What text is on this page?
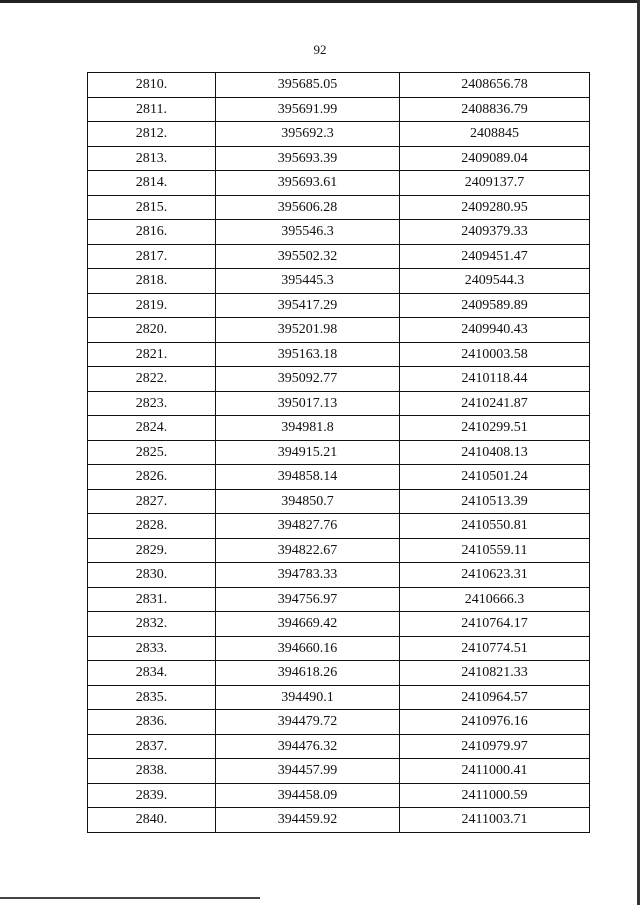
92
2810.	395685.05	2408656.78
2811.	395691.99	2408836.79
2812.	395692.3	2408845
2813.	395693.39	2409089.04
2814.	395693.61	2409137.7
2815.	395606.28	2409280.95
2816.	395546.3	2409379.33
2817.	395502.32	2409451.47
2818.	395445.3	2409544.3
2819.	395417.29	2409589.89
2820.	395201.98	2409940.43
2821.	395163.18	2410003.58
2822.	395092.77	2410118.44
2823.	395017.13	2410241.87
2824.	394981.8	2410299.51
2825.	394915.21	2410408.13
2826.	394858.14	2410501.24
2827.	394850.7	2410513.39
2828.	394827.76	2410550.81
2829.	394822.67	2410559.11
2830.	394783.33	2410623.31
2831.	394756.97	2410666.3
2832.	394669.42	2410764.17
2833.	394660.16	2410774.51
2834.	394618.26	2410821.33
2835.	394490.1	2410964.57
2836.	394479.72	2410976.16
2837.	394476.32	2410979.97
2838.	394457.99	2411000.41
2839.	394458.09	2411000.59
2840.	394459.92	2411003.71
